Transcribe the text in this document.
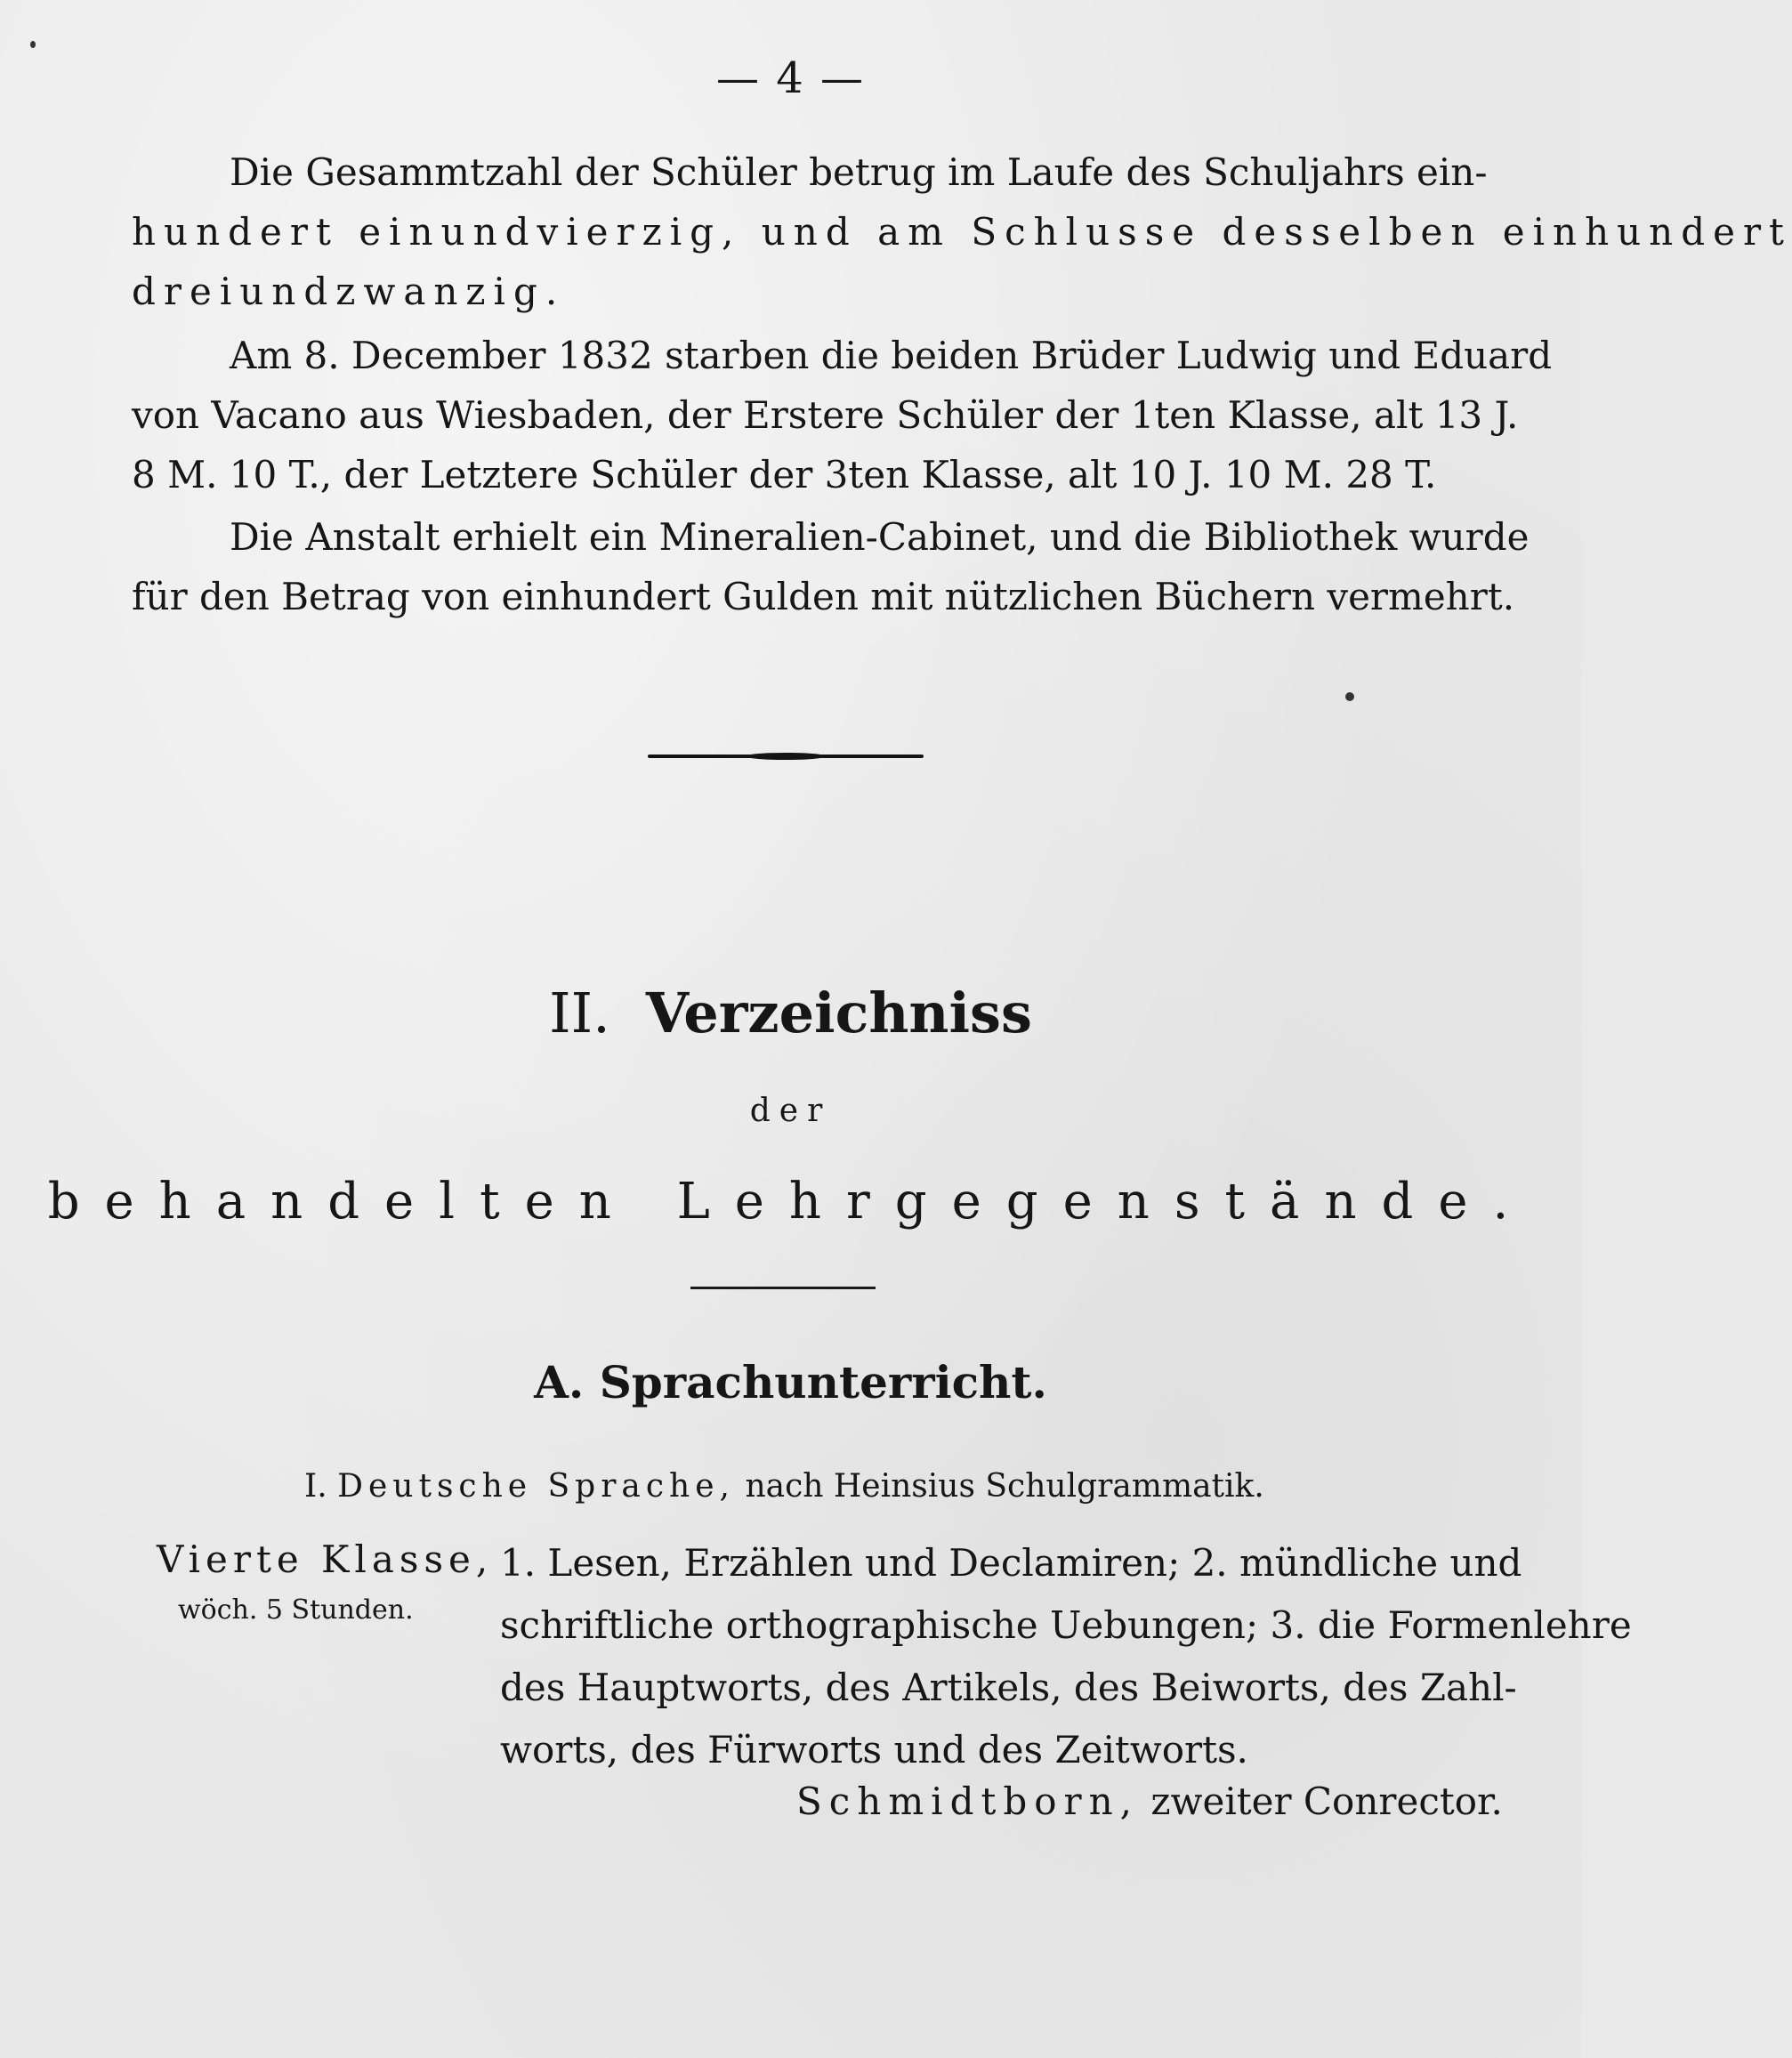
— 4 —
Die Gesammtzahl der Schüler betrug im Laufe des Schuljahrs ein-
hundert einundvierzig, und am Schlusse desselben einhundert
dreiundzwanzig.
Am 8. December 1832 starben die beiden Brüder Ludwig und Eduard
von Vacano aus Wiesbaden, der Erstere Schüler der 1ten Klasse, alt 13 J.
8 M. 10 T., der Letztere Schüler der 3ten Klasse, alt 10 J. 10 M. 28 T.
Die Anstalt erhielt ein Mineralien-Cabinet, und die Bibliothek wurde
für den Betrag von einhundert Gulden mit nützlichen Büchern vermehrt.
II. Verzeichniss
der
behandelten Lehrgegenstände.
A. Sprachunterricht.
I. Deutsche Sprache, nach Heinsius Schulgrammatik.
Vierte Klasse,
wöch. 5 Stunden.
1. Lesen, Erzählen und Declamiren; 2. mündliche und
schriftliche orthographische Uebungen; 3. die Formenlehre
des Hauptworts, des Artikels, des Beiworts, des Zahl-
worts, des Fürworts und des Zeitworts.
Schmidtborn, zweiter Conrector.
